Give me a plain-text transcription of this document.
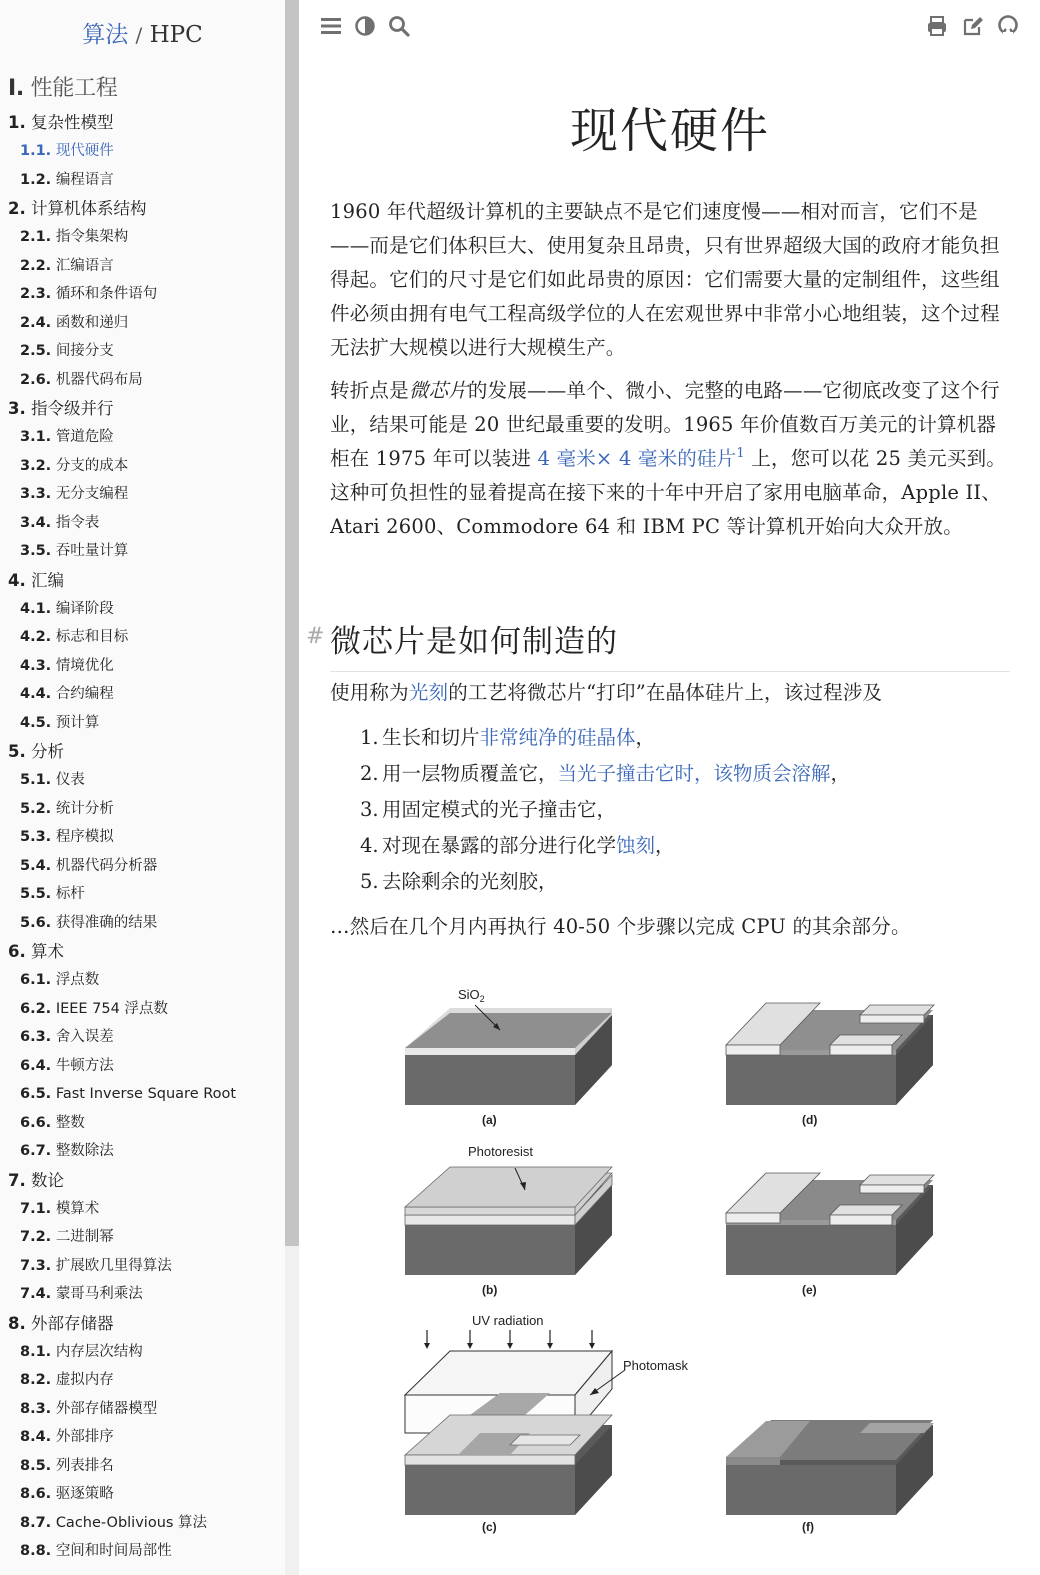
算法 / HPC
I. 性能工程
1. 复杂性模型
1.1. 现代硬件
1.2. 编程语言
2. 计算机体系结构
2.1. 指令集架构
2.2. 汇编语言
2.3. 循环和条件语句
2.4. 函数和递归
2.5. 间接分支
2.6. 机器代码布局
3. 指令级并行
3.1. 管道危险
3.2. 分支的成本
3.3. 无分支编程
3.4. 指令表
3.5. 吞吐量计算
4. 汇编
4.1. 编译阶段
4.2. 标志和目标
4.3. 情境优化
4.4. 合约编程
4.5. 预计算
5. 分析
5.1. 仪表
5.2. 统计分析
5.3. 程序模拟
5.4. 机器代码分析器
5.5. 标杆
5.6. 获得准确的结果
6. 算术
6.1. 浮点数
6.2. IEEE 754 浮点数
6.3. 舍入误差
6.4. 牛顿方法
6.5. Fast Inverse Square Root
6.6. 整数
6.7. 整数除法
7. 数论
7.1. 模算术
7.2. 二进制幂
7.3. 扩展欧几里得算法
7.4. 蒙哥马利乘法
8. 外部存储器
8.1. 内存层次结构
8.2. 虚拟内存
8.3. 外部存储器模型
8.4. 外部排序
8.5. 列表排名
8.6. 驱逐策略
8.7. Cache-Oblivious 算法
8.8. 空间和时间局部性
现代硬件

1960 年代超级计算机的主要缺点不是它们速度慢——相对而言，它们不是——而是它们体积巨大、使用复杂且昂贵，只有世界超级大国的政府才能负担得起。它们的尺寸是它们如此昂贵的原因：它们需要大量的定制组件，这些组件必须由拥有电气工程高级学位的人在宏观世界中非常小心地组装，这个过程无法扩大规模以进行大规模生产。

转折点是微芯片的发展——单个、微小、完整的电路——它彻底改变了这个行业，结果可能是 20 世纪最重要的发明。1965 年价值数百万美元的计算机器柜在 1975 年可以装进 4 毫米× 4 毫米的硅片$^1$ 上，您可以花 25 美元买到。这种可负担性的显着提高在接下来的十年中开启了家用电脑革命，Apple II、Atari 2600、Commodore 64 和 IBM PC 等计算机开始向大众开放。

# 微芯片是如何制造的

使用称为光刻的工艺将微芯片“打印”在晶体硅片上，该过程涉及

1. 生长和切片非常纯净的硅晶体，
2. 用一层物质覆盖它，当光子撞击它时，该物质会溶解，
3. 用固定模式的光子撞击它，
4. 对现在暴露的部分进行化学蚀刻，
5. 去除剩余的光刻胶，

…然后在几个月内再执行 40-50 个步骤以完成 CPU 的其余部分。

SiO$_2$
(a)	(d)
Photoresist
(b)	(e)
UV radiation
Photomask
(c)	(f)
